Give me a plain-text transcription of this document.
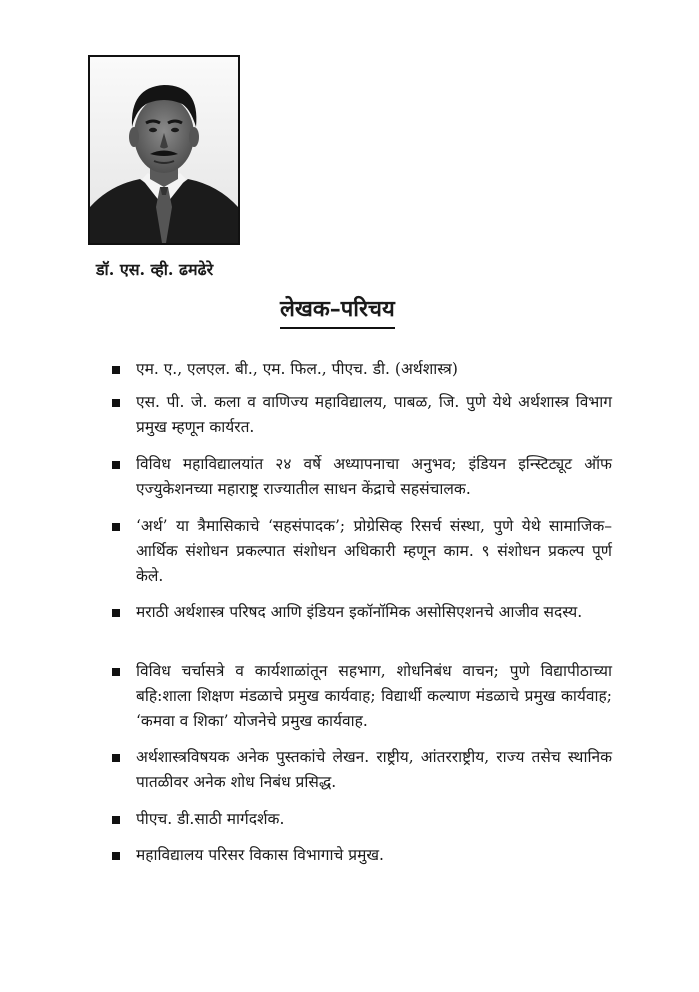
डॉ. एस. व्ही. ढमढेरे
लेखक–परिचय
एम. ए., एलएल. बी., एम. फिल., पीएच. डी. (अर्थशास्त्र)
एस. पी. जे. कला व वाणिज्य महाविद्यालय, पाबळ, जि. पुणे येथे अर्थशास्त्र विभाग प्रमुख म्हणून कार्यरत.
विविध महाविद्यालयांत २४ वर्षे अध्यापनाचा अनुभव; इंडियन इन्स्टिट्यूट ऑफ एज्युकेशनच्या महाराष्ट्र राज्यातील साधन केंद्राचे सहसंचालक.
‘अर्थ’ या त्रैमासिकाचे ‘सहसंपादक’; प्रोग्रेसिव्ह रिसर्च संस्था, पुणे येथे सामाजिक–आर्थिक संशोधन प्रकल्पात संशोधन अधिकारी म्हणून काम. ९ संशोधन प्रकल्प पूर्ण केले.
मराठी अर्थशास्त्र परिषद आणि इंडियन इकॉनॉमिक असोसिएशनचे आजीव सदस्य.
विविध चर्चासत्रे व कार्यशाळांतून सहभाग, शोधनिबंध वाचन; पुणे विद्यापीठाच्या बहि:शाला शिक्षण मंडळाचे प्रमुख कार्यवाह; विद्यार्थी कल्याण मंडळाचे प्रमुख कार्यवाह; ‘कमवा व शिका’ योजनेचे प्रमुख कार्यवाह.
अर्थशास्त्रविषयक अनेक पुस्तकांचे लेखन. राष्ट्रीय, आंतरराष्ट्रीय, राज्य तसेच स्थानिक पातळीवर अनेक शोध निबंध प्रसिद्ध.
पीएच. डी.साठी मार्गदर्शक.
महाविद्यालय परिसर विकास विभागाचे प्रमुख.
